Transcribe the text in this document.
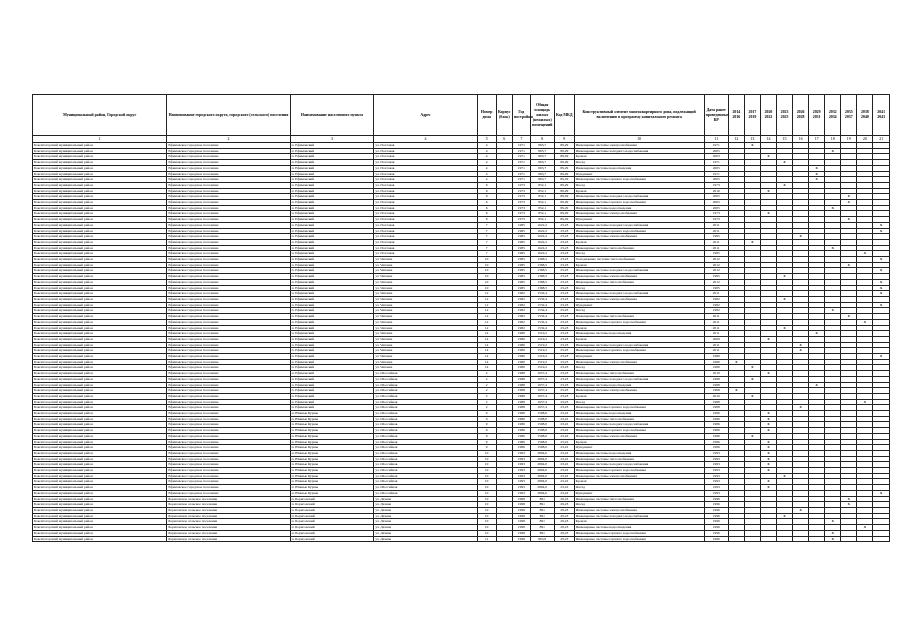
Муниципальный район, Городской округ	Наименование городского округа, городского (сельского) поселения	Наименование населенного пункта	Адрес	Номер дома	Корпус (блок)	Год постройки	Общая площадь жилых (нежилых) помещений	Код МКД	Конструктивный элемент многоквартирного дома, подлежащий включению в программу капитального ремонта	Дата ранее проведенных КР	2014 2016	2017 2019	2020 2022	2023 2025	2026 2028	2029 2031	2032 2034	2035 2037	2038 2040	2041 2043
1	2	3	4	5	6	7	8	9	10	11	12	13	14	15	16	17	18	19	20	21
Бокситогорский муниципальный район	Ефимовское городское поселение	п. Ефимовский	ул. Почтовая	4		1971	863,7	89,29	Инженерные системы электроснабжения	1971		X								
Бокситогорский муниципальный район	Ефимовское городское поселение	п. Ефимовский	ул. Почтовая	4		1971	863,7	89,29	Инженерные системы холодного водоснабжения	2005							X			
Бокситогорский муниципальный район	Ефимовское городское поселение	п. Ефимовский	ул. Почтовая	4		1971	863,7	89,29	Кровля	2003			X							
Бокситогорский муниципальный район	Ефимовское городское поселение	п. Ефимовский	ул. Почтовая	4		1971	863,7	89,29	Фасад	1971				X						
Бокситогорский муниципальный район	Ефимовское городское поселение	п. Ефимовский	ул. Почтовая	4		1971	863,7	89,29	Инженерные системы водоотведения	2005						X				
Бокситогорский муниципальный район	Ефимовское городское поселение	п. Ефимовский	ул. Почтовая	4		1971	863,7	89,29	Фундамент	1971						X				
Бокситогорский муниципальный район	Ефимовское городское поселение	п. Ефимовский	ул. Почтовая	4		1971	863,7	89,29	Инженерные системы горячего водоснабжения	2005						X				
Бокситогорский муниципальный район	Ефимовское городское поселение	п. Ефимовский	ул. Почтовая	6		1973	852,1	89,29	Фасад	1973				X						
Бокситогорский муниципальный район	Ефимовское городское поселение	п. Ефимовский	ул. Почтовая	6		1973	852,1	89,29	Кровля	2010			X							
Бокситогорский муниципальный район	Ефимовское городское поселение	п. Ефимовский	ул. Почтовая	6		1973	852,1	89,29	Инженерные системы холодного водоснабжения	2005								X		
Бокситогорский муниципальный район	Ефимовское городское поселение	п. Ефимовский	ул. Почтовая	6		1973	852,1	89,29	Инженерные системы горячего водоснабжения	2005								X		
Бокситогорский муниципальный район	Ефимовское городское поселение	п. Ефимовский	ул. Почтовая	6		1973	852,1	89,29	Инженерные системы водоотведения	2005							X			
Бокситогорский муниципальный район	Ефимовское городское поселение	п. Ефимовский	ул. Почтовая	6		1973	852,1	89,29	Инженерные системы электроснабжения	1973			X							
Бокситогорский муниципальный район	Ефимовское городское поселение	п. Ефимовский	ул. Почтовая	6		1973	852,1	89,29	Фундамент	1973								X		
Бокситогорский муниципальный район	Ефимовское городское поселение	п. Ефимовский	ул. Почтовая	7		1985	1622,2	23,23	Инженерные системы холодного водоснабжения	2011										X
Бокситогорский муниципальный район	Ефимовское городское поселение	п. Ефимовский	ул. Почтовая	7		1985	1622,2	23,23	Инженерные системы горячего водоснабжения	2011										X
Бокситогорский муниципальный район	Ефимовское городское поселение	п. Ефимовский	ул. Почтовая	7		1985	1622,2	23,23	Инженерные системы электроснабжения	1985					X					
Бокситогорский муниципальный район	Ефимовское городское поселение	п. Ефимовский	ул. Почтовая	7		1985	1622,2	23,23	Кровля	2011		X								
Бокситогорский муниципальный район	Ефимовское городское поселение	п. Ефимовский	ул. Почтовая	7		1985	1622,2	23,23	Инженерные системы теплоснабжения	2011							X			
Бокситогорский муниципальный район	Ефимовское городское поселение	п. Ефимовский	ул. Почтовая	7		1985	1622,2	23,23	Фасад	1985									X	
Бокситогорский муниципальный район	Ефимовское городское поселение	п. Ефимовский	ул. Чапаева	10		1985	1368,5	23,23	Холодильные системы теплоснабжения	2012										X
Бокситогорский муниципальный район	Ефимовское городское поселение	п. Ефимовский	ул. Чапаева	10		1985	1368,5	23,23	Кровля	2012								X		
Бокситогорский муниципальный район	Ефимовское городское поселение	п. Ефимовский	ул. Чапаева	10		1985	1368,5	23,23	Инженерные системы холодного водоснабжения	2012										X
Бокситогорский муниципальный район	Ефимовское городское поселение	п. Ефимовский	ул. Чапаева	10		1985	1368,5	23,23	Инженерные системы электроснабжения	1985				X						
Бокситогорский муниципальный район	Ефимовское городское поселение	п. Ефимовский	ул. Чапаева	10		1985	1368,5	23,23	Инженерные системы теплоснабжения	2012										X
Бокситогорский муниципальный район	Ефимовское городское поселение	п. Ефимовский	ул. Чапаева	10		1985	1368,5	23,23	Фасад	1985										X
Бокситогорский муниципальный район	Ефимовское городское поселение	п. Ефимовский	ул. Чапаева	12		1982	1532,4	23,23	Инженерные системы холодного водоснабжения	2011										X
Бокситогорский муниципальный район	Ефимовское городское поселение	п. Ефимовский	ул. Чапаева	12		1982	1532,4	23,23	Инженерные системы электроснабжения	1982				X						
Бокситогорский муниципальный район	Ефимовское городское поселение	п. Ефимовский	ул. Чапаева	12		1982	1532,4	23,23	Фундамент	1982										X
Бокситогорский муниципальный район	Ефимовское городское поселение	п. Ефимовский	ул. Чапаева	12		1982	1532,4	23,23	Фасад	1982							X			
Бокситогорский муниципальный район	Ефимовское городское поселение	п. Ефимовский	ул. Чапаева	12		1982	1532,4	23,23	Инженерные системы теплоснабжения	2011								X		
Бокситогорский муниципальный район	Ефимовское городское поселение	п. Ефимовский	ул. Чапаева	12		1982	1532,4	23,23	Инженерные системы горячего водоснабжения	2011									X	
Бокситогорский муниципальный район	Ефимовское городское поселение	п. Ефимовский	ул. Чапаева	12		1982	1532,4	23,23	Кровля	2011				X						
Бокситогорский муниципальный район	Ефимовское городское поселение	п. Ефимовский	ул. Чапаева	14		1980	1519,2	23,23	Инженерные системы водоотведения	2011						X				
Бокситогорский муниципальный район	Ефимовское городское поселение	п. Ефимовский	ул. Чапаева	14		1980	1519,2	23,23	Кровля	2009			X							
Бокситогорский муниципальный район	Ефимовское городское поселение	п. Ефимовский	ул. Чапаева	14		1980	1519,2	23,23	Инженерные системы холодного водоснабжения	2011					X					
Бокситогорский муниципальный район	Ефимовское городское поселение	п. Ефимовский	ул. Чапаева	14		1980	1519,2	23,23	Инженерные системы горячего водоснабжения	2011					X					
Бокситогорский муниципальный район	Ефимовское городское поселение	п. Ефимовский	ул. Чапаева	14		1980	1519,2	23,23	Фундамент	1980										X
Бокситогорский муниципальный район	Ефимовское городское поселение	п. Ефимовский	ул. Чапаева	14		1980	1519,2	23,23	Инженерные системы электроснабжения	1980	X									
Бокситогорский муниципальный район	Ефимовское городское поселение	п. Ефимовский	ул. Чапаева	14		1980	1519,2	23,23	Фасад	1980		X								
Бокситогорский муниципальный район	Ефимовское городское поселение	п. Ефимовский	ул. Шоссейная	2		1988	1657,4	23,23	Инженерные системы теплоснабжения	2010			X							
Бокситогорский муниципальный район	Ефимовское городское поселение	п. Ефимовский	ул. Шоссейная	2		1988	1657,4	23,23	Инженерные системы холодного водоснабжения	1988		X								
Бокситогорский муниципальный район	Ефимовское городское поселение	п. Ефимовский	ул. Шоссейная	2		1988	1657,4	23,23	Инженерные системы водоотведения	1988						X				
Бокситогорский муниципальный район	Ефимовское городское поселение	п. Ефимовский	ул. Шоссейная	2		1988	1657,4	23,23	Инженерные системы электроснабжения	1988	X									
Бокситогорский муниципальный район	Ефимовское городское поселение	п. Ефимовский	ул. Шоссейная	2		1988	1657,4	23,23	Кровля	2010		X								
Бокситогорский муниципальный район	Ефимовское городское поселение	п. Ефимовский	ул. Шоссейная	2		1988	1657,4	23,23	Фасад	1988									X	
Бокситогорский муниципальный район	Ефимовское городское поселение	п. Ефимовский	ул. Шоссейная	2		1988	1657,4	23,23	Инженерные системы горячего водоснабжения	1988					X					
Бокситогорский муниципальный район	Ефимовское городское поселение	п. Южные Курмы	ул. Шоссейная	9		1986	1508,0	23,22	Инженерные системы водоотведения	1986			X							
Бокситогорский муниципальный район	Ефимовское городское поселение	п. Южные Курмы	ул. Шоссейная	9		1986	1508,0	23,22	Инженерные системы теплоснабжения	1986			X							
Бокситогорский муниципальный район	Ефимовское городское поселение	п. Южные Курмы	ул. Шоссейная	9		1986	1508,0	23,22	Инженерные системы холодного водоснабжения	1986			X							
Бокситогорский муниципальный район	Ефимовское городское поселение	п. Южные Курмы	ул. Шоссейная	9		1986	1508,0	23,22	Инженерные системы горячего водоснабжения	1986			X							
Бокситогорский муниципальный район	Ефимовское городское поселение	п. Южные Курмы	ул. Шоссейная	9		1986	1508,0	23,22	Инженерные системы электроснабжения	1986		X								
Бокситогорский муниципальный район	Ефимовское городское поселение	п. Южные Курмы	ул. Шоссейная	9		1986	1508,0	23,22	Кровля	1986			X							
Бокситогорский муниципальный район	Ефимовское городское поселение	п. Южные Курмы	ул. Шоссейная	9		1986	1508,0	23,22	Фундамент	1986			X							
Бокситогорский муниципальный район	Ефимовское городское поселение	п. Южные Курмы	ул. Шоссейная	10		1993	2894,0	23,22	Инженерные системы водоотведения	1993			X							
Бокситогорский муниципальный район	Ефимовское городское поселение	п. Южные Курмы	ул. Шоссейная	10		1993	2894,0	23,22	Инженерные системы теплоснабжения	1993			X							
Бокситогорский муниципальный район	Ефимовское городское поселение	п. Южные Курмы	ул. Шоссейная	10		1993	2894,0	23,22	Инженерные системы холодного водоснабжения	1993			X							
Бокситогорский муниципальный район	Ефимовское городское поселение	п. Южные Курмы	ул. Шоссейная	10		1993	2894,0	23,22	Инженерные системы горячего водоснабжения	1993			X							
Бокситогорский муниципальный район	Ефимовское городское поселение	п. Южные Курмы	ул. Шоссейная	10		1993	2894,0	23,22	Инженерные системы электроснабжения	1993				X						
Бокситогорский муниципальный район	Ефимовское городское поселение	п. Южные Курмы	ул. Шоссейная	10		1993	2894,0	23,22	Кровля	1993			X							
Бокситогорский муниципальный район	Ефимовское городское поселение	п. Южные Курмы	ул. Шоссейная	10		1993	2894,0	23,22	Фасад	1993			X							
Бокситогорский муниципальный район	Ефимовское городское поселение	п. Южные Курмы	ул. Шоссейная	10		1993	2894,0	23,22	Фундамент	1993										X
Бокситогорский муниципальный район	Борисовское сельское поселение	п. Борисовский	ул. Дачная	10		1998	891	29,23	Инженерные системы теплоснабжения	1996								X		
Бокситогорский муниципальный район	Борисовское сельское поселение	п. Борисовский	ул. Дачная	10		1998	891	29,23	Фасад	1996								X		
Бокситогорский муниципальный район	Борисовское сельское поселение	п. Борисовский	ул. Дачная	10		1998	891	29,23	Инженерные системы электроснабжения	1996					X					
Бокситогорский муниципальный район	Борисовское сельское поселение	п. Борисовский	ул. Дачная	10		1998	891	29,23	Инженерные системы холодного водоснабжения	1996				X						
Бокситогорский муниципальный район	Борисовское сельское поселение	п. Борисовский	ул. Дачная	10		1998	891	29,23	Кровля	1996							X			
Бокситогорский муниципальный район	Борисовское сельское поселение	п. Борисовский	ул. Дачная	10		1998	891	29,23	Инженерные системы водоотведения	1996									X	
Бокситогорский муниципальный район	Борисовское сельское поселение	п. Борисовский	ул. Дачная	10		1998	891	29,23	Инженерные системы горячего водоснабжения	1996							X			
Бокситогорский муниципальный район	Борисовское сельское поселение	п. Борисовский	ул. Дачная	11		1998	863,8	29,23	Инженерные системы горячего водоснабжения	1986							X			
